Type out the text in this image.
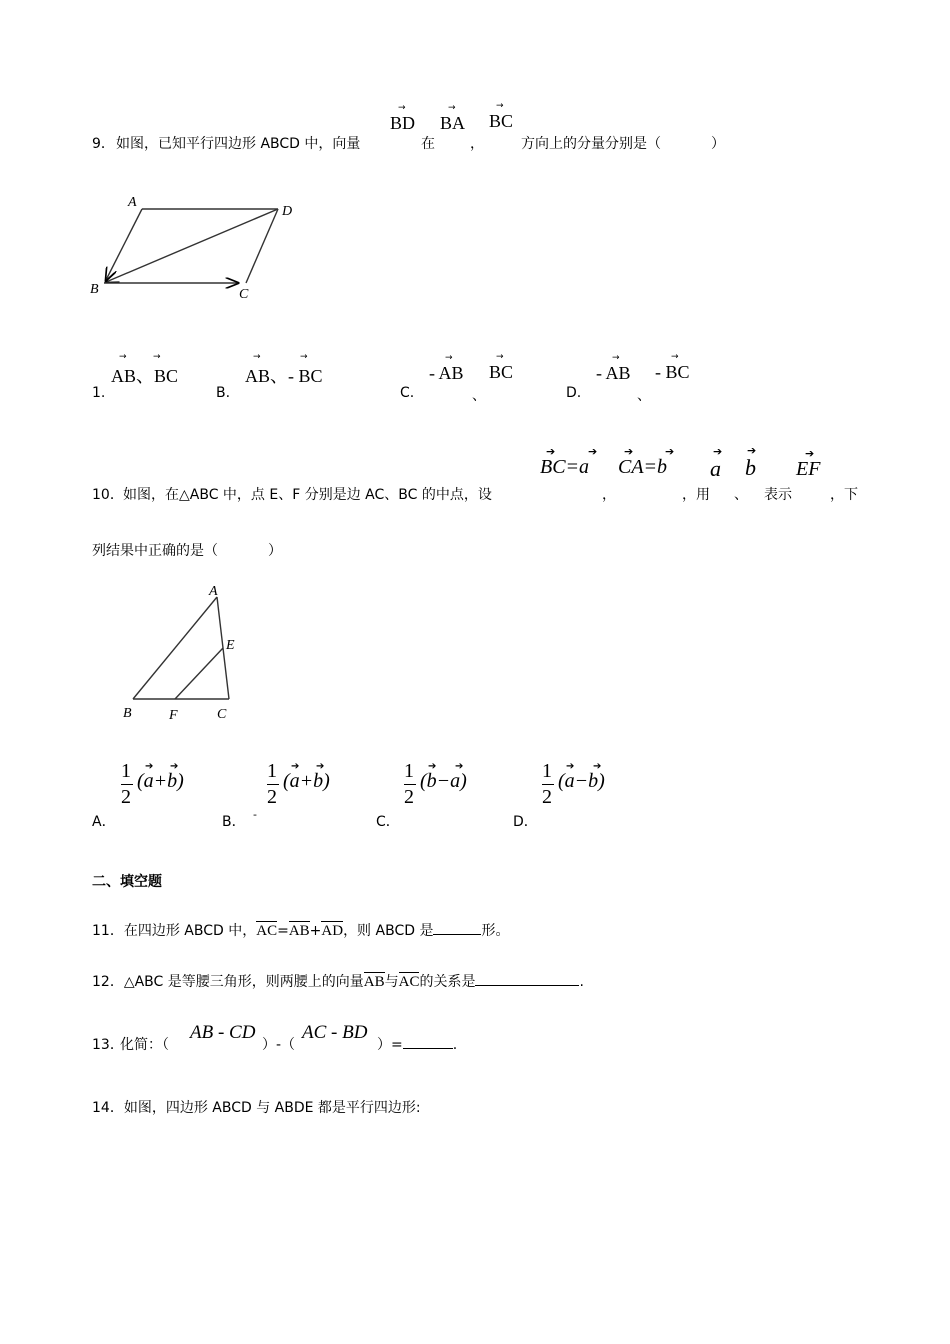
→
BD
→
BA
→
BC
9． 如图，已知平行四边形 ABCD 中，向量	在	，	方向上的分量分别是（	）
A
D
B	C
→	→
AB、BC
→	→
AB、- BC
→
- AB
→
BC
→
- AB
→
- BC
1.	B.	C.	、	D.	、
➔	➔
BC=a
➔	➔
CA=b
➔
a
➔
b
➔
EF
10． 如图，在△ABC 中，点 E、F 分别是边 AC、BC 的中点，设	，	，用 、 表示	，下
列结果中正确的是（	）
A
E
B	F	C
1
2
➔ ➔
(a+b)	1
2
➔ ➔
(a+b)	1
2
➔ ➔
(b−a)	1
2
➔ ➔
(a−b)
A．	B． -	C．	D．
二、填空题
11．在四边形 ABCD 中，AC=AB+AD，则 ABCD 是	形。
12．△ABC 是等腰三角形，则两腰上的向量AB与AC的关系是	.
13．
化简：（
AB - CD
）-（
AC - BD
）=	.
14．如图，四边形 ABCD 与 ABDE 都是平行四边形:
